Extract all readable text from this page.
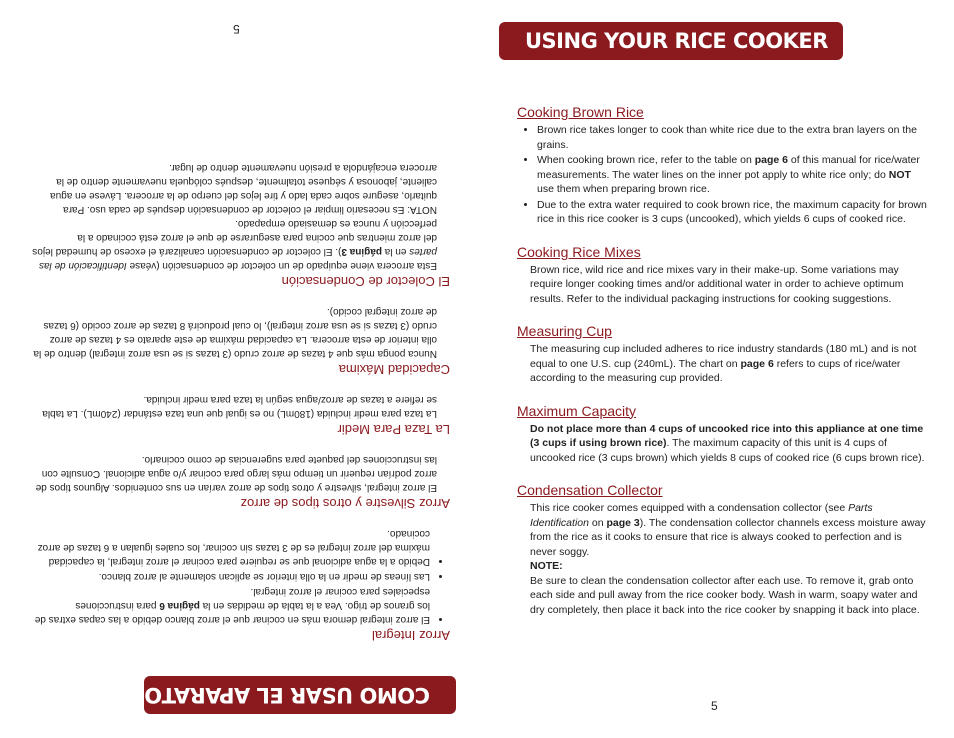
USING YOUR RICE COOKER
Cooking Brown Rice
• Brown rice takes longer to cook than white rice due to the extra bran layers on the grains.
• When cooking brown rice, refer to the table on page 6 of this manual for rice/water measurements. The water lines on the inner pot apply to white rice only; do NOT use them when preparing brown rice.
• Due to the extra water required to cook brown rice, the maximum capacity for brown rice in this rice cooker is 3 cups (uncooked), which yields 6 cups of cooked rice.
Cooking Rice Mixes

Brown rice, wild rice and rice mixes vary in their make-up. Some variations may require longer cooking times and/or additional water in order to achieve optimum results. Refer to the individual packaging instructions for cooking suggestions.

Measuring Cup

The measuring cup included adheres to rice industry standards (180 mL) and is not equal to one U.S. cup (240mL). The chart on page 6 refers to cups of rice/water according to the measuring cup provided.

Maximum Capacity

Do not place more than 4 cups of uncooked rice into this appliance at one time (3 cups if using brown rice). The maximum capacity of this unit is 4 cups of uncooked rice (3 cups brown) which yields 8 cups of cooked rice (6 cups brown rice).

Condensation Collector

This rice cooker comes equipped with a condensation collector (see Parts Identification on page 3). The condensation collector channels excess moisture away from the rice as it cooks to ensure that rice is always cooked to perfection and is never soggy.

NOTE:

Be sure to clean the condensation collector after each use. To remove it, grab onto each side and pull away from the rice cooker body. Wash in warm, soapy water and dry completely, then place it back into the rice cooker by snapping it back into place.

5
5
Arroz Integral
• El arroz integral demora más en cocinar que el arroz blanco debido a las capas extras de los granos de trigo. Vea a la tabla de medidas en la página 6 para instrucciones especiales para cocinar el arroz integral.
• Las líneas de medir en la olla interior se aplican solamente al arroz blanco.
• Debido a la agua adicional que se requiere para cocinar el arroz integral, la capacidad máxima del arroz integral es de 3 tazas sin cocinar, los cuales igualan a 6 tazas de arroz cocinado.
Arroz Silvestre y otros tipos de arroz

El arroz integral, silvestre y otros tipos de arroz varían en sus contenidos. Algunos tipos de arroz podrían requerir un tiempo más largo para cocinar y/o agua adicional. Consulte con las instrucciones del paquete para sugerencias de como cocinarlo.

La Taza Para Medir

La taza para medir incluida (180mL) no es igual que una taza estándar (240mL). La tabla se refiere a tazas de arroz/agua según la taza para medir incluida.

Capacidad Máxima

Nunca ponga más que 4 tazas de arroz crudo (3 tazas si se usa arroz integral) dentro de la olla interior de esta arrocera. La capacidad máxima de este aparato es 4 tazas de arroz crudo (3 tazas si se usa arroz integral), lo cual producirá 8 tazas de arroz cocido (6 tazas de arroz integral cocido).

El Colector de Condensación

Esta arrocera viene equipado de un colector de condensación (véase Identificación de las partes en la página 3). El colector de condensación canalizará el exceso de humedad lejos del arroz mientras que cocina para asegurarse de que el arroz está cocinado a la perfección y nunca es demasiado empapado.

NOTA: Es necesario limpiar el colector de condensación después de cada uso. Para quitarlo, asegure sobre cada lado y tire lejos del cuerpo de la arrocera. Lávese en agua caliente, jabonosa y séquese totalmente, después colóquela nuevamente dentro de la arrocera encajándola a presión nuevamente dentro de lugar.

COMO USAR EL APARATO
